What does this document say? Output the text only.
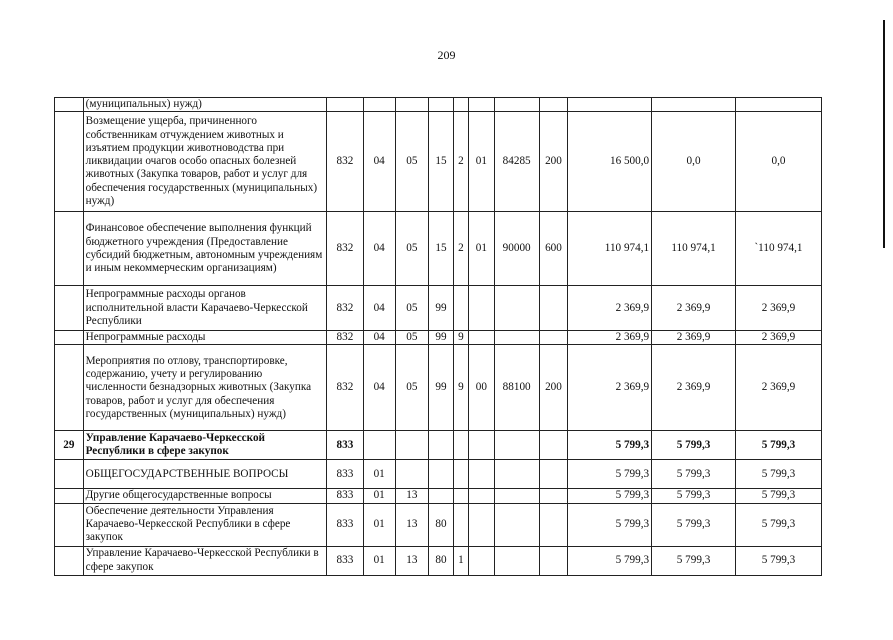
209
	(муниципальных) нужд)											
	Возмещение ущерба, причиненного собственникам отчуждением животных и изъятием продукции животноводства при ликвидации очагов особо опасных болезней животных (Закупка товаров, работ и услуг для обеспечения государственных (муниципальных) нужд)	832	04	05	15	2	01	84285	200	16 500,0	0,0	0,0
	Финансовое обеспечение выполнения функций бюджетного учреждения (Предоставление субсидий бюджетным, автономным учреждениям и иным некоммерческим организациям)	832	04	05	15	2	01	90000	600	110 974,1	110 974,1	`110 974,1
	Непрограммные расходы органов исполнительной власти Карачаево-Черкесской Республики	832	04	05	99					2 369,9	2 369,9	2 369,9
	Непрограммные расходы	832	04	05	99	9				2 369,9	2 369,9	2 369,9
	Мероприятия по отлову, транспортировке, содержанию, учету и регулированию численности безнадзорных животных (Закупка товаров, работ и услуг для обеспечения государственных (муниципальных) нужд)	832	04	05	99	9	00	88100	200	2 369,9	2 369,9	2 369,9
29	Управление Карачаево-Черкесской Республики в сфере закупок	833								5 799,3	5 799,3	5 799,3
	ОБЩЕГОСУДАРСТВЕННЫЕ ВОПРОСЫ	833	01							5 799,3	5 799,3	5 799,3
	Другие общегосударственные вопросы	833	01	13						5 799,3	5 799,3	5 799,3
	Обеспечение деятельности Управления Карачаево-Черкесской Республики в сфере закупок	833	01	13	80					5 799,3	5 799,3	5 799,3
	Управление Карачаево-Черкесской Республики в сфере закупок	833	01	13	80	1				5 799,3	5 799,3	5 799,3
